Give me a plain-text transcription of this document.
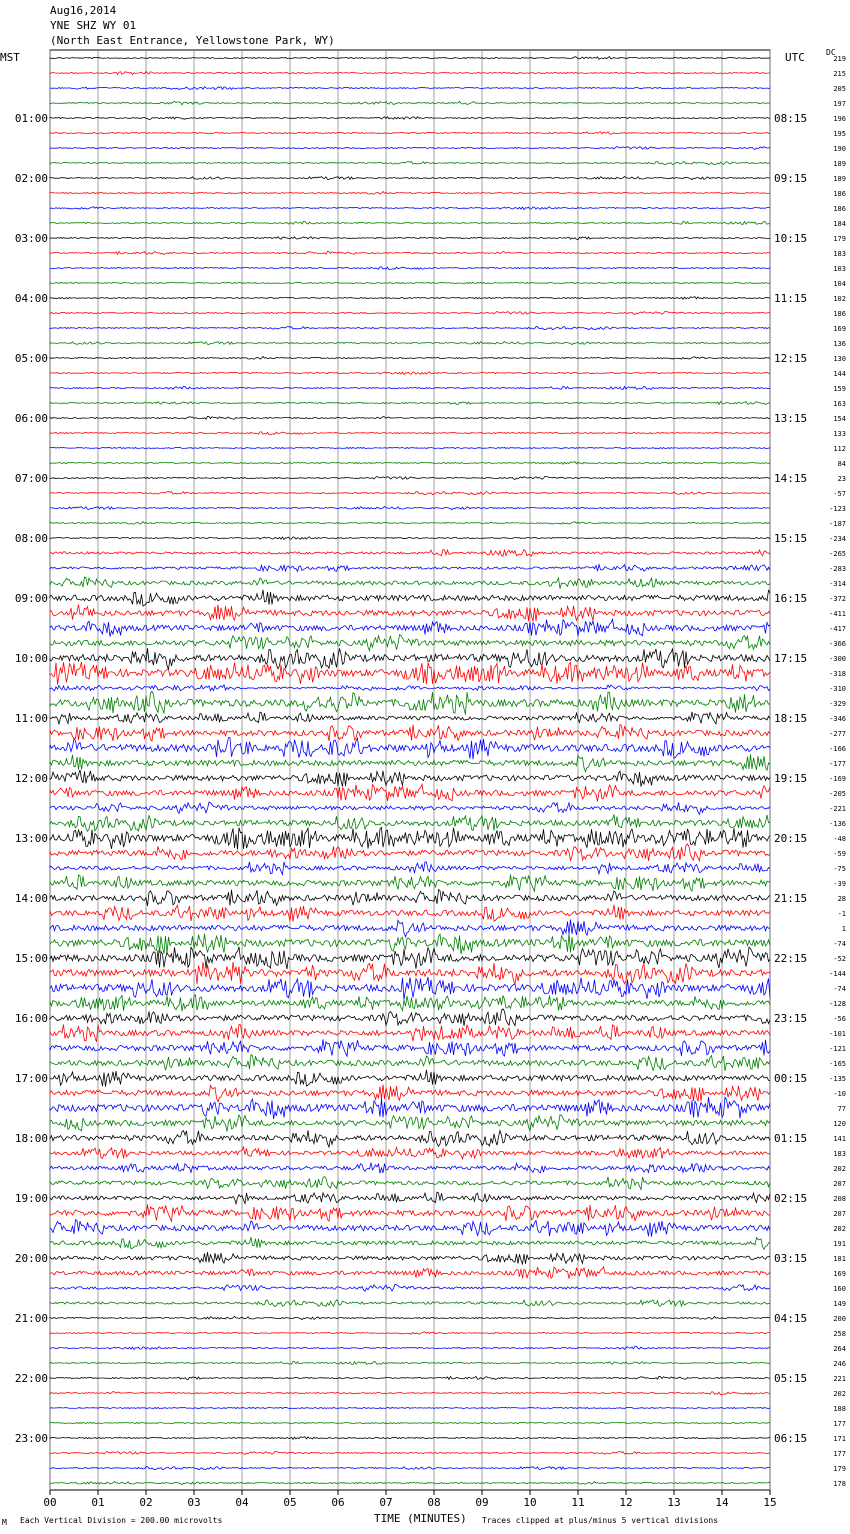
Aug16,2014
YNE SHZ WY 01
(North East Entrance, Yellowstone Park, WY)
MST	UTC	DC
00	01	02	03	04	05	06	07	08	09	10	11	12	13	14	15
219
215
205
197
196
195
190
189
189
186
186
184
179
183
103
104
102
186
169
136
130
144
159
163
154
133
112
84
23
-57
-123
-187
-234
-265
-283
-314
-372
-411
-417
-366
-300
-318
-310
-329
-346
-277
-166
-177
-169
-205
-221
-136
-48
-59
-75
-39
28
-1
1
-74
-52
-144
-74
-128
-56
-101
-121
-165
-135
-10
77
120
141
183
202
207
208
207
202
191
181
169
160
149
200
258
264
246
221
202
188
177
171
177
179
178
01:00
02:00
03:00
04:00
05:00
06:00
07:00
08:00
09:00
10:00
11:00
12:00
13:00
14:00
15:00
16:00
17:00
18:00
19:00
20:00
21:00
22:00
23:00
08:15
09:15
10:15
11:15
12:15
13:15
14:15
15:15
16:15
17:15
18:15
19:15
20:15
21:15
22:15
23:15
00:15
01:15
02:15
03:15
04:15
05:15
06:15
M Each Vertical Division = 200.00 microvolts	TIME (MINUTES) Traces clipped at plus/minus 5 vertical divisions
